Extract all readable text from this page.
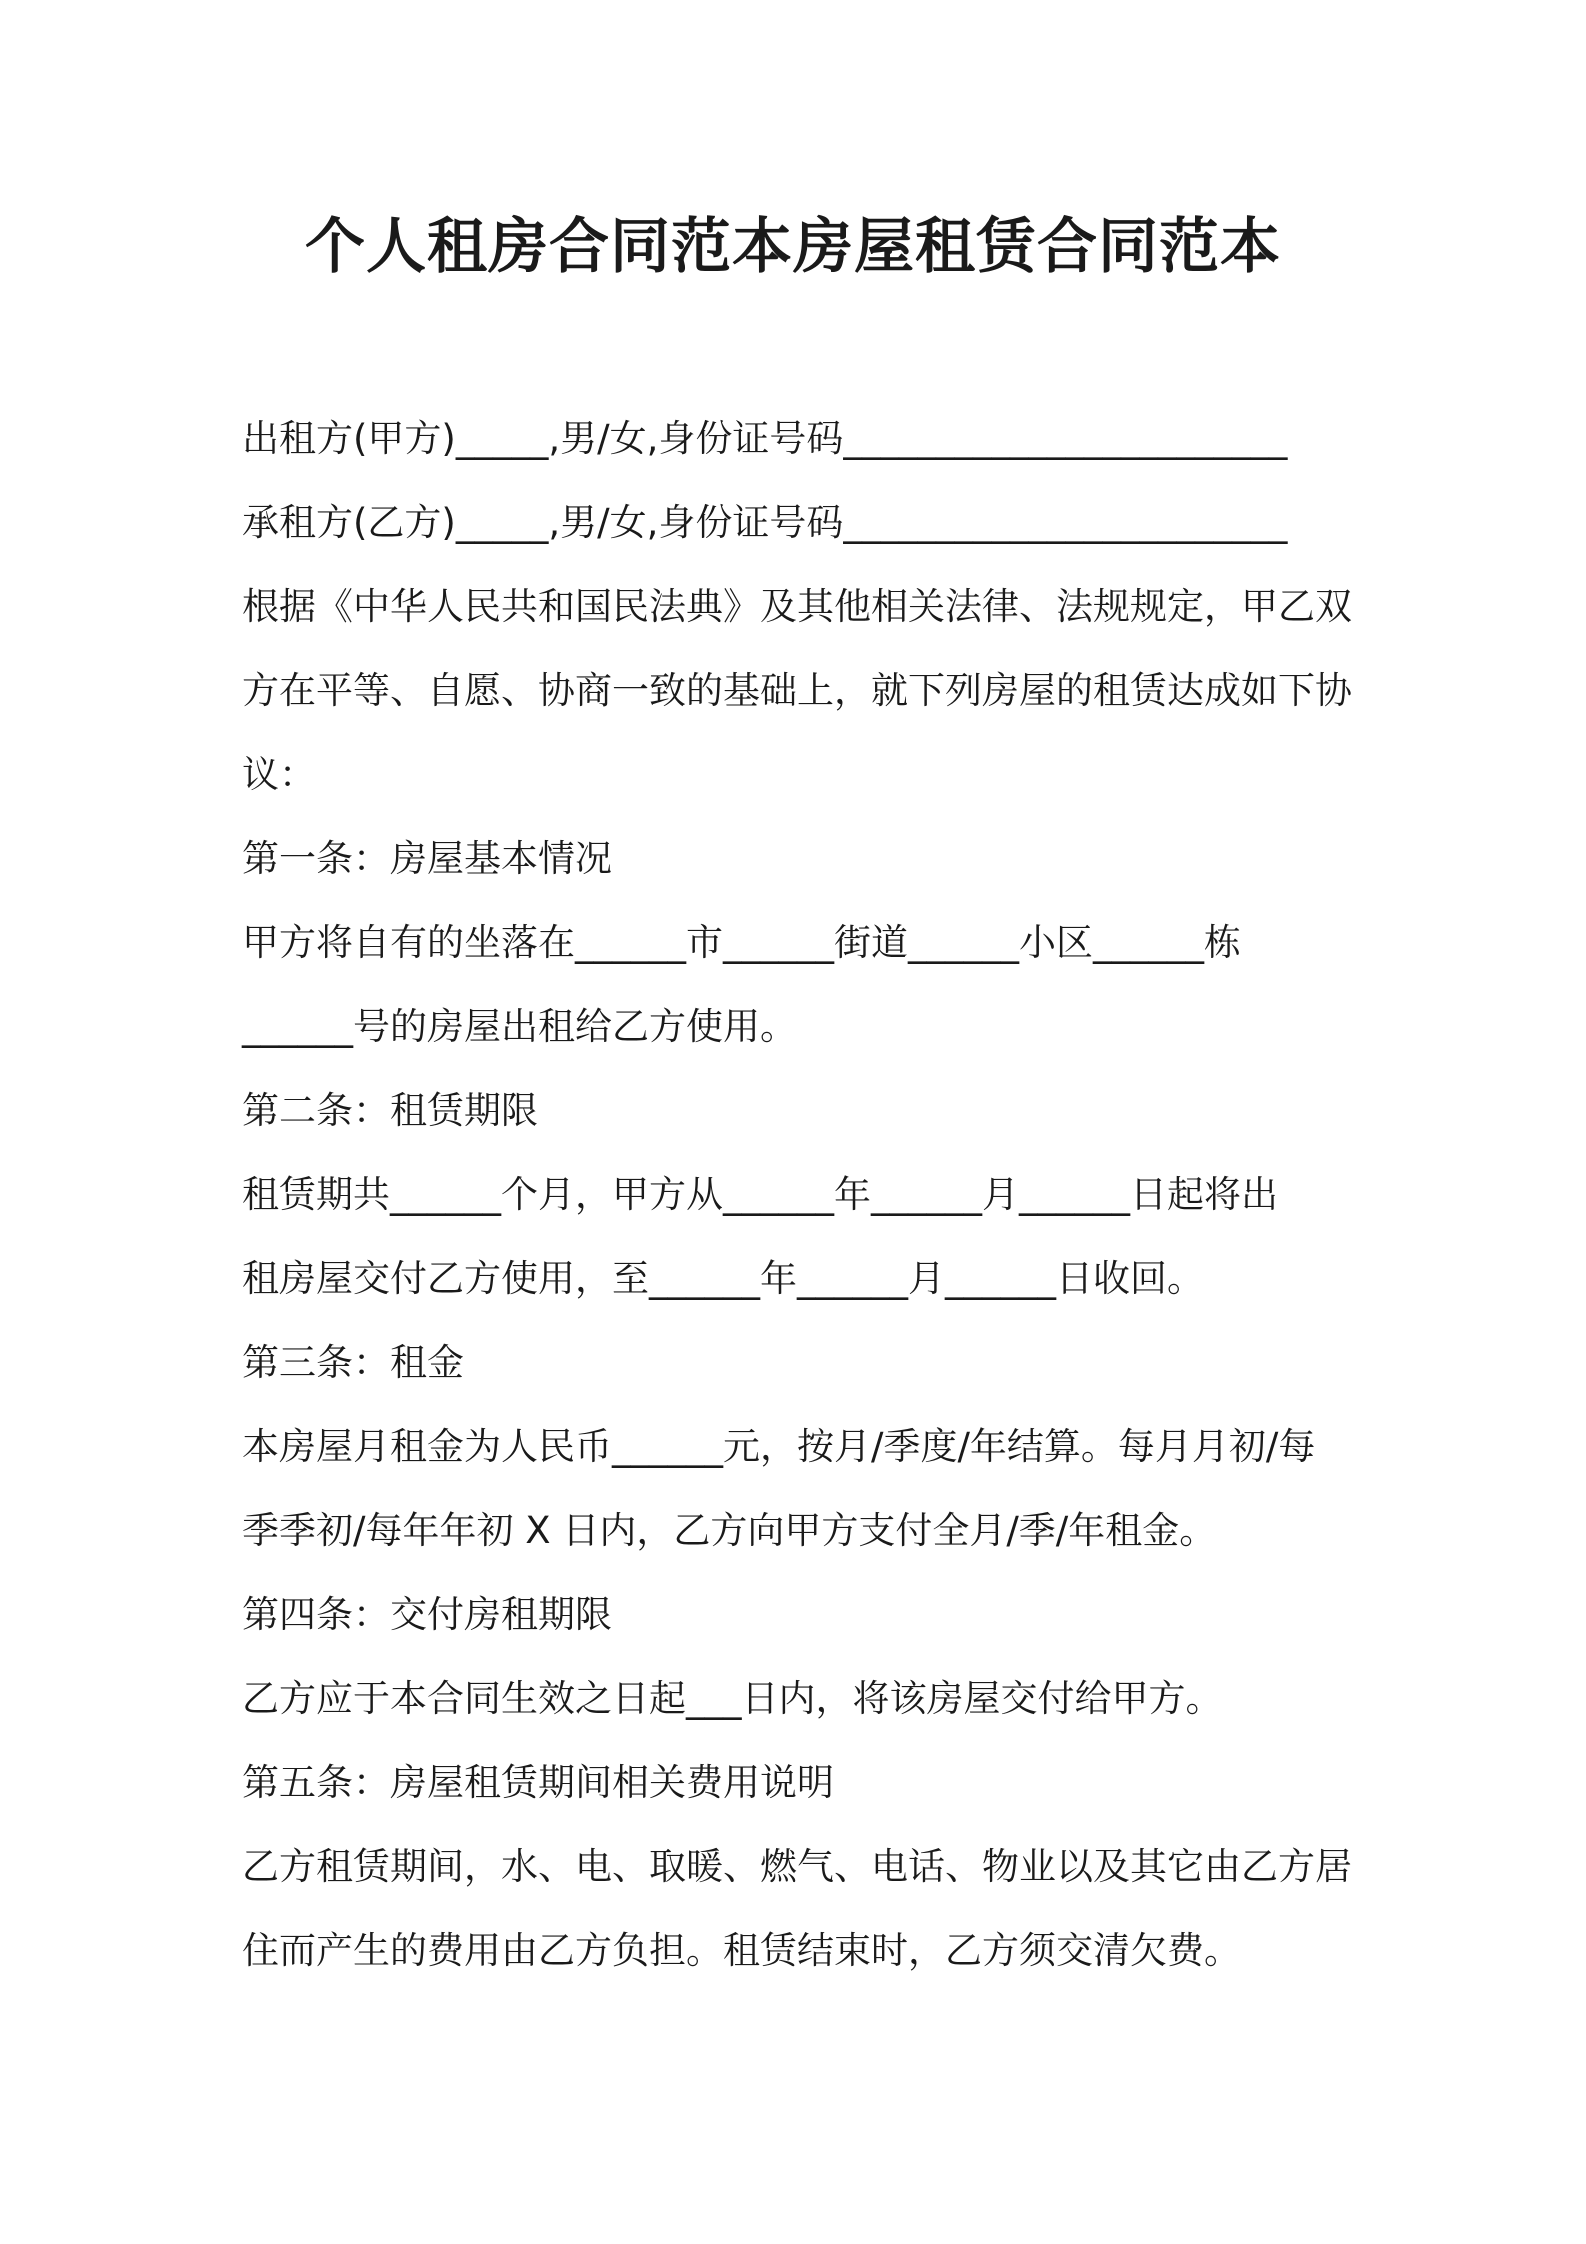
个人租房合同范本房屋租赁合同范本

出租方(甲方)_____,男/女,身份证号码________________________

承租方(乙方)_____,男/女,身份证号码________________________

根据《中华人民共和国民法典》及其他相关法律、法规规定，甲乙双

方在平等、自愿、协商一致的基础上，就下列房屋的租赁达成如下协

议：

第一条：房屋基本情况

甲方将自有的坐落在______市______街道______小区______栋

______号的房屋出租给乙方使用。

第二条：租赁期限

租赁期共______个月，甲方从______年______月______日起将出

租房屋交付乙方使用，至______年______月______日收回。

第三条：租金

本房屋月租金为人民币______元，按月/季度/年结算。每月月初/每

季季初/每年年初 X 日内，乙方向甲方支付全月/季/年租金。

第四条：交付房租期限

乙方应于本合同生效之日起___日内，将该房屋交付给甲方。

第五条：房屋租赁期间相关费用说明

乙方租赁期间，水、电、取暖、燃气、电话、物业以及其它由乙方居

住而产生的费用由乙方负担。租赁结束时，乙方须交清欠费。
